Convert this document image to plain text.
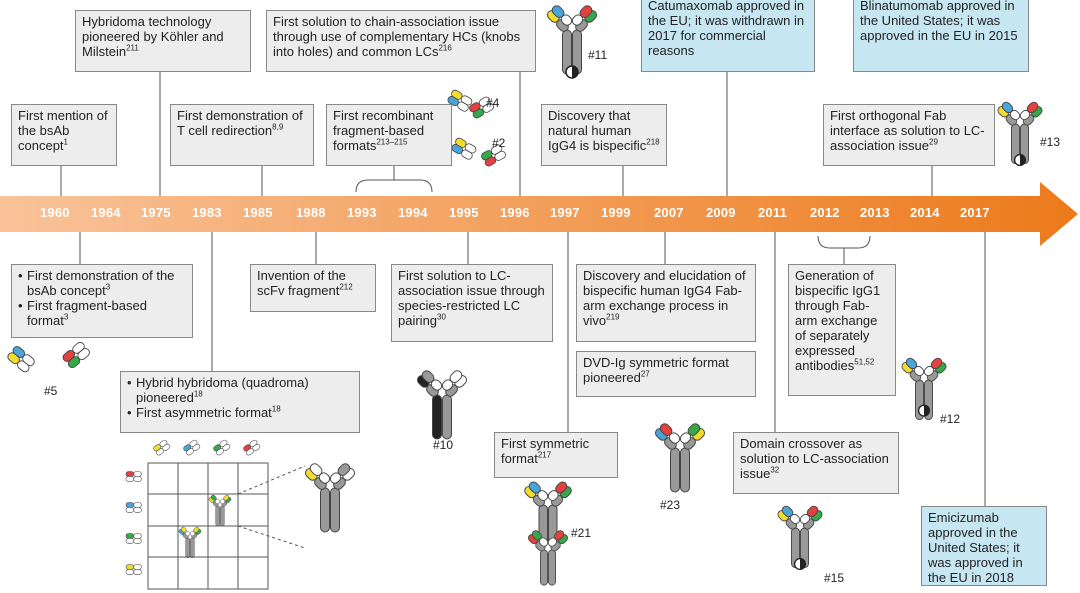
1960 1964 1975 1983 1985 1988 1993 1994 1995 1996 1997 1999 2007 2009 2011 2012 2013 2014 2017
First mention of the bsAb concept$^1$
Hybridoma technology pioneered by Köhler and Milstein$^{211}$
First demonstration of T cell redirection$^{8,9}$
First recombinant fragment-based formats$^{213-215}$
First solution to chain-association issue through use of complementary HCs (knobs into holes) and common LCs$^{216}$
Discovery that natural human IgG4 is bispecific$^{218}$
Catumaxomab approved in the EU; it was withdrawn in 2017 for commercial reasons
Blinatumomab approved in the United States; it was approved in the EU in 2015
First orthogonal Fab interface as solution to LC-association issue$^{29}$
• First demonstration of the bsAb concept$^3$
• First fragment-based format$^3$
Invention of the scFv fragment$^{212}$
First solution to LC-association issue through species-restricted LC pairing$^{30}$
Discovery and elucidation of bispecific human IgG4 Fab-arm exchange process in vivo$^{219}$
DVD-Ig symmetric format pioneered$^{27}$
Generation of bispecific IgG1 through Fab-arm exchange of separately expressed antibodies$^{51,52}$
• Hybrid hybridoma (quadroma) pioneered$^{18}$
• First asymmetric format$^{18}$
First symmetric format$^{217}$
Domain crossover as solution to LC-association issue$^{32}$
Emicizumab approved in the United States; it was approved in the EU in 2018
#5
#2
#4
#10
#11
#13
#12
#15
#21
#23
